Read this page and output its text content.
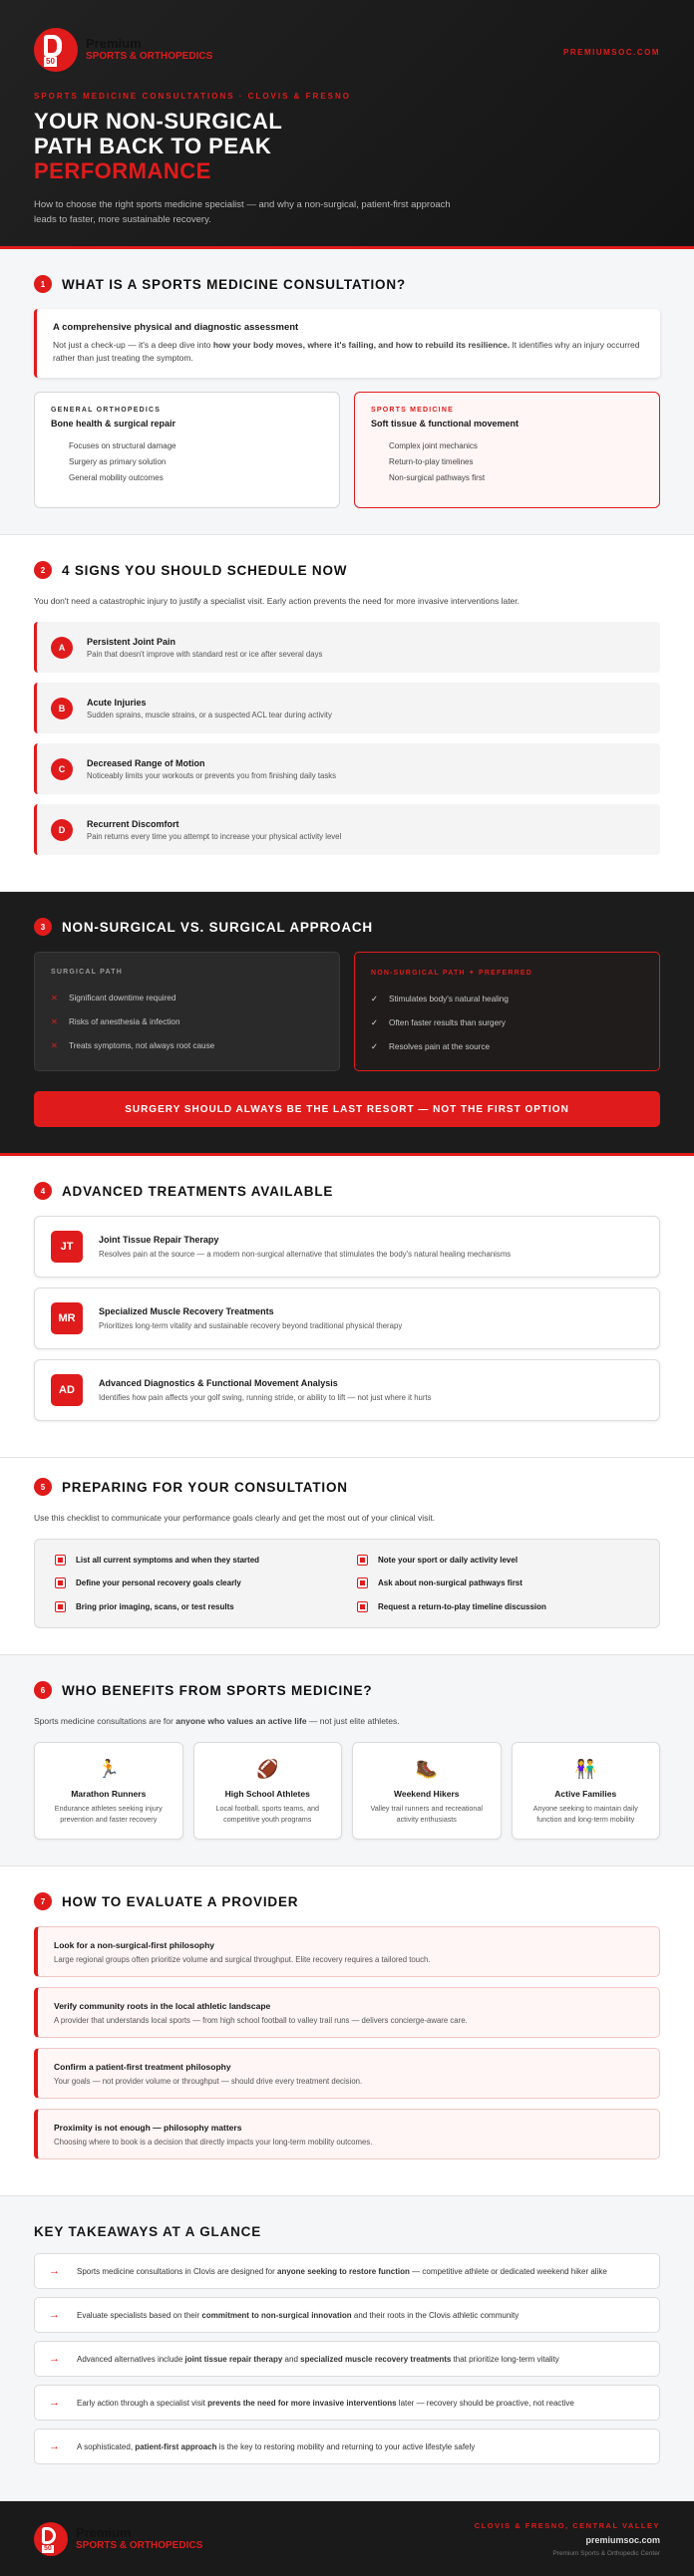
50
Premium
SPORTS & ORTHOPEDICS	PREMIUMSOC.COM
SPORTS MEDICINE CONSULTATIONS · CLOVIS & FRESNO
YOUR NON-SURGICAL
PATH BACK TO PEAK
PERFORMANCE

How to choose the right sports medicine specialist — and why a non-surgical, patient-first approach leads to faster, more sustainable recovery.

1	WHAT IS A SPORTS MEDICINE CONSULTATION?
A comprehensive physical and diagnostic assessment

Not just a check-up — it's a deep dive into how your body moves, where it's failing, and how to rebuild its resilience. It identifies why an injury occurred rather than just treating the symptom.

GENERAL ORTHOPEDICS
Bone health & surgical repair
Focuses on structural damage
Surgery as primary solution
General mobility outcomes
SPORTS MEDICINE
Soft tissue & functional movement
Complex joint mechanics
Return-to-play timelines
Non-surgical pathways first
2	4 SIGNS YOU SHOULD SCHEDULE NOW

You don't need a catastrophic injury to justify a specialist visit. Early action prevents the need for more invasive interventions later.

A
Persistent Joint Pain

Pain that doesn't improve with standard rest or ice after several days

B
Acute Injuries

Sudden sprains, muscle strains, or a suspected ACL tear during activity

C
Decreased Range of Motion

Noticeably limits your workouts or prevents you from finishing daily tasks

D
Recurrent Discomfort

Pain returns every time you attempt to increase your physical activity level

3	NON-SURGICAL VS. SURGICAL APPROACH
SURGICAL PATH
✕ Significant downtime required
✕ Risks of anesthesia & infection
✕ Treats symptoms, not always root cause
NON-SURGICAL PATH ✦ PREFERRED
✓ Stimulates body's natural healing
✓ Often faster results than surgery
✓ Resolves pain at the source
SURGERY SHOULD ALWAYS BE THE LAST RESORT — NOT THE FIRST OPTION
4	ADVANCED TREATMENTS AVAILABLE
JT
Joint Tissue Repair Therapy

Resolves pain at the source — a modern non-surgical alternative that stimulates the body's natural healing mechanisms

MR
Specialized Muscle Recovery Treatments

Prioritizes long-term vitality and sustainable recovery beyond traditional physical therapy

AD
Advanced Diagnostics & Functional Movement Analysis

Identifies how pain affects your golf swing, running stride, or ability to lift — not just where it hurts

5	PREPARING FOR YOUR CONSULTATION

Use this checklist to communicate your performance goals clearly and get the most out of your clinical visit.

List all current symptoms and when they started	Note your sport or daily activity level
Define your personal recovery goals clearly	Ask about non-surgical pathways first
Bring prior imaging, scans, or test results	Request a return-to-play timeline discussion
6	WHO BENEFITS FROM SPORTS MEDICINE?

Sports medicine consultations are for anyone who values an active life — not just elite athletes.

🏃
Marathon Runners

Endurance athletes seeking injury prevention and faster recovery

🏈
High School Athletes

Local football, sports teams, and competitive youth programs

🥾
Weekend Hikers

Valley trail runners and recreational activity enthusiasts

👫
Active Families

Anyone seeking to maintain daily function and long-term mobility

7	HOW TO EVALUATE A PROVIDER
Look for a non-surgical-first philosophy

Large regional groups often prioritize volume and surgical throughput. Elite recovery requires a tailored touch.

Verify community roots in the local athletic landscape

A provider that understands local sports — from high school football to valley trail runs — delivers concierge-aware care.

Confirm a patient-first treatment philosophy

Your goals — not provider volume or throughput — should drive every treatment decision.

Proximity is not enough — philosophy matters

Choosing where to book is a decision that directly impacts your long-term mobility outcomes.

KEY TAKEAWAYS AT A GLANCE
→	Sports medicine consultations in Clovis are designed for anyone seeking to restore function — competitive athlete or dedicated weekend hiker alike
→	Evaluate specialists based on their commitment to non-surgical innovation and their roots in the Clovis athletic community
→	Advanced alternatives include joint tissue repair therapy and specialized muscle recovery treatments that prioritize long-term vitality
→	Early action through a specialist visit prevents the need for more invasive interventions later — recovery should be proactive, not reactive
→	A sophisticated, patient-first approach is the key to restoring mobility and returning to your active lifestyle safely
50
Premium
SPORTS & ORTHOPEDICS
CLOVIS & FRESNO, CENTRAL VALLEY
premiumsoc.com
Premium Sports & Orthopedic Center
